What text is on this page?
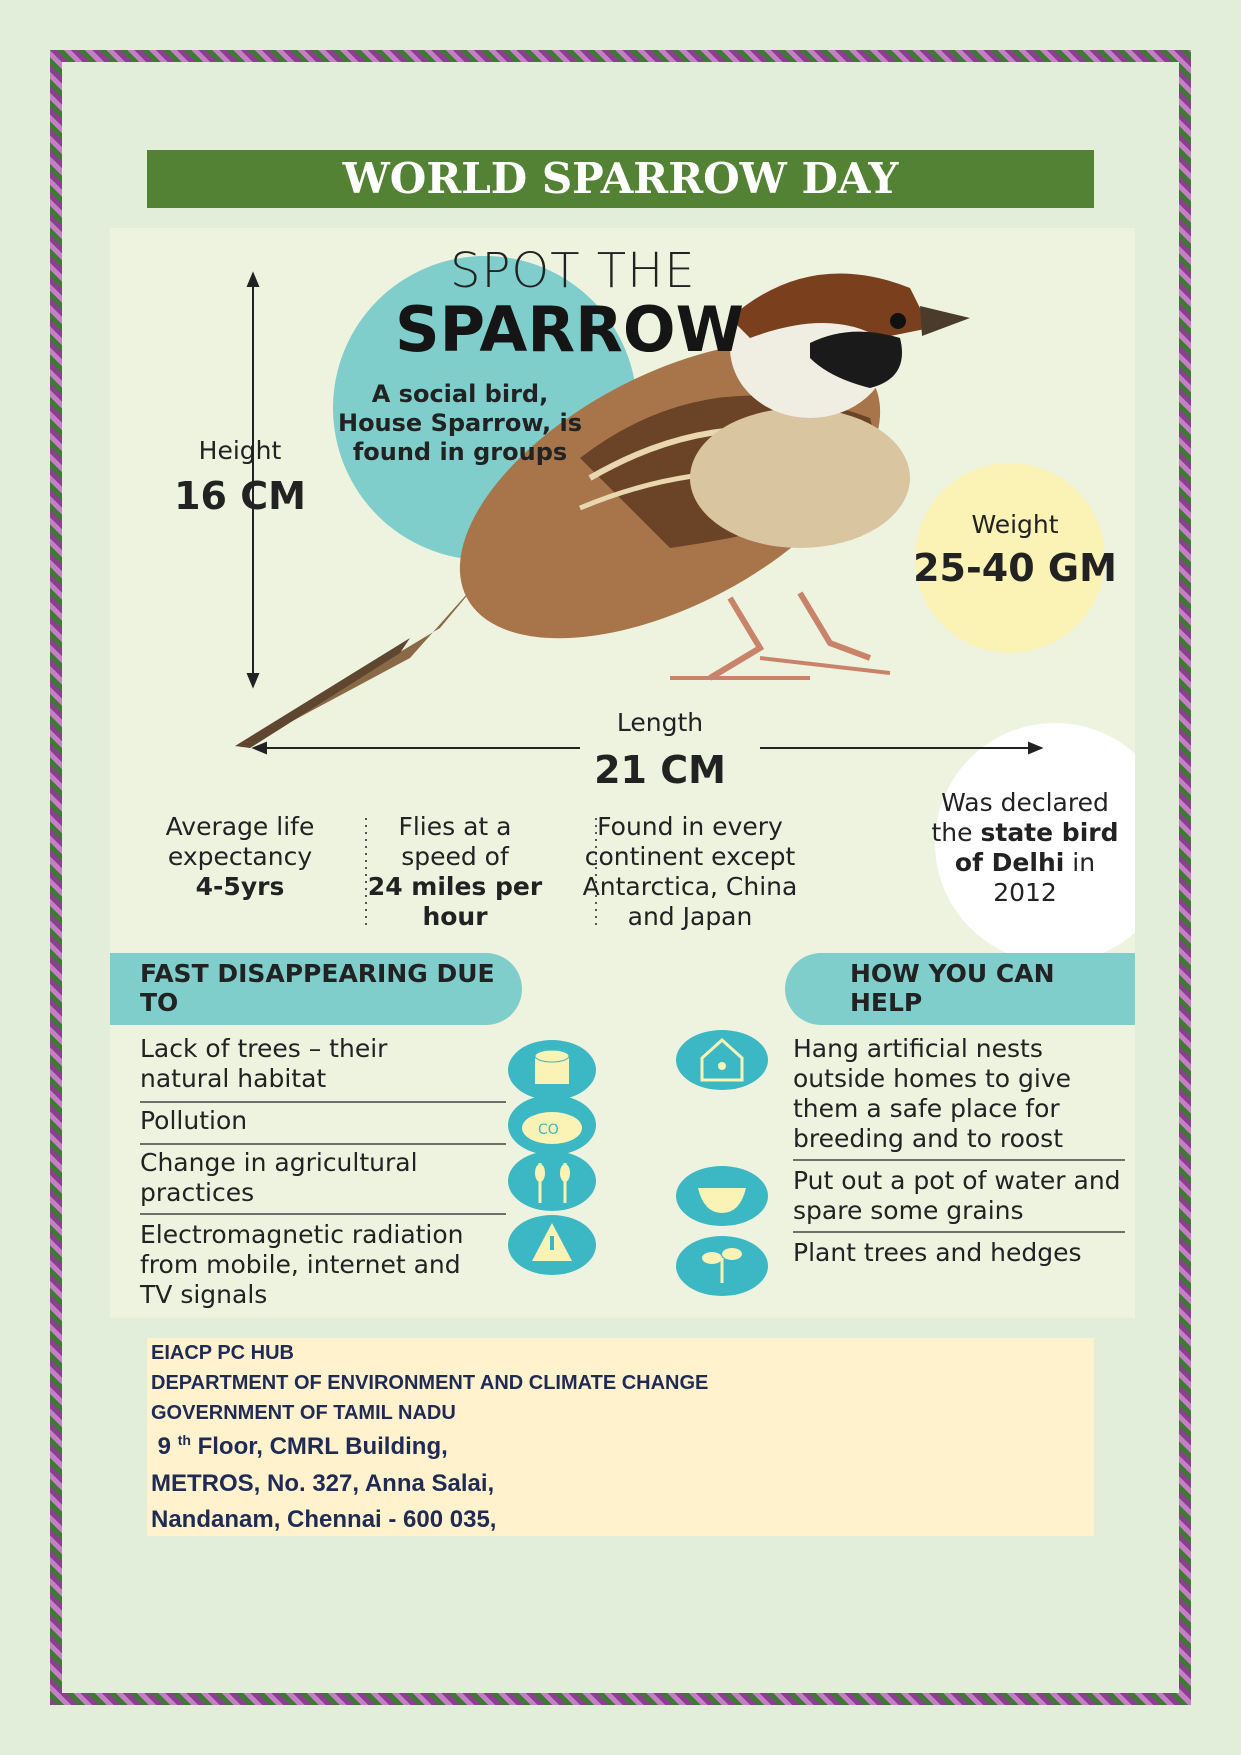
WORLD SPARROW DAY
CO
SPOT THE
SPARROW
A social bird, House Sparrow, is found in groups
Height
16 CM
Weight
25-40 GM
Length
21 CM
Average life expectancy
4-5yrs
Flies at a speed of
24 miles per hour
Found in every continent except Antarctica, China and Japan
Was declared the state bird of Delhi in 2012
FAST DISAPPEARING DUE TO
HOW YOU CAN HELP
Lack of trees – their natural habitat
Pollution
Change in agricultural practices
Electromagnetic radiation from mobile, internet and TV signals
Hang artificial nests outside homes to give them a safe place for breeding and to roost
Put out a pot of water and spare some grains
Plant trees and hedges
EIACP PC HUB
DEPARTMENT OF ENVIRONMENT AND CLIMATE CHANGE
GOVERNMENT OF TAMIL NADU
9 $^{th}$ Floor, CMRL Building,
METROS, No. 327, Anna Salai,
Nandanam, Chennai - 600 035,
